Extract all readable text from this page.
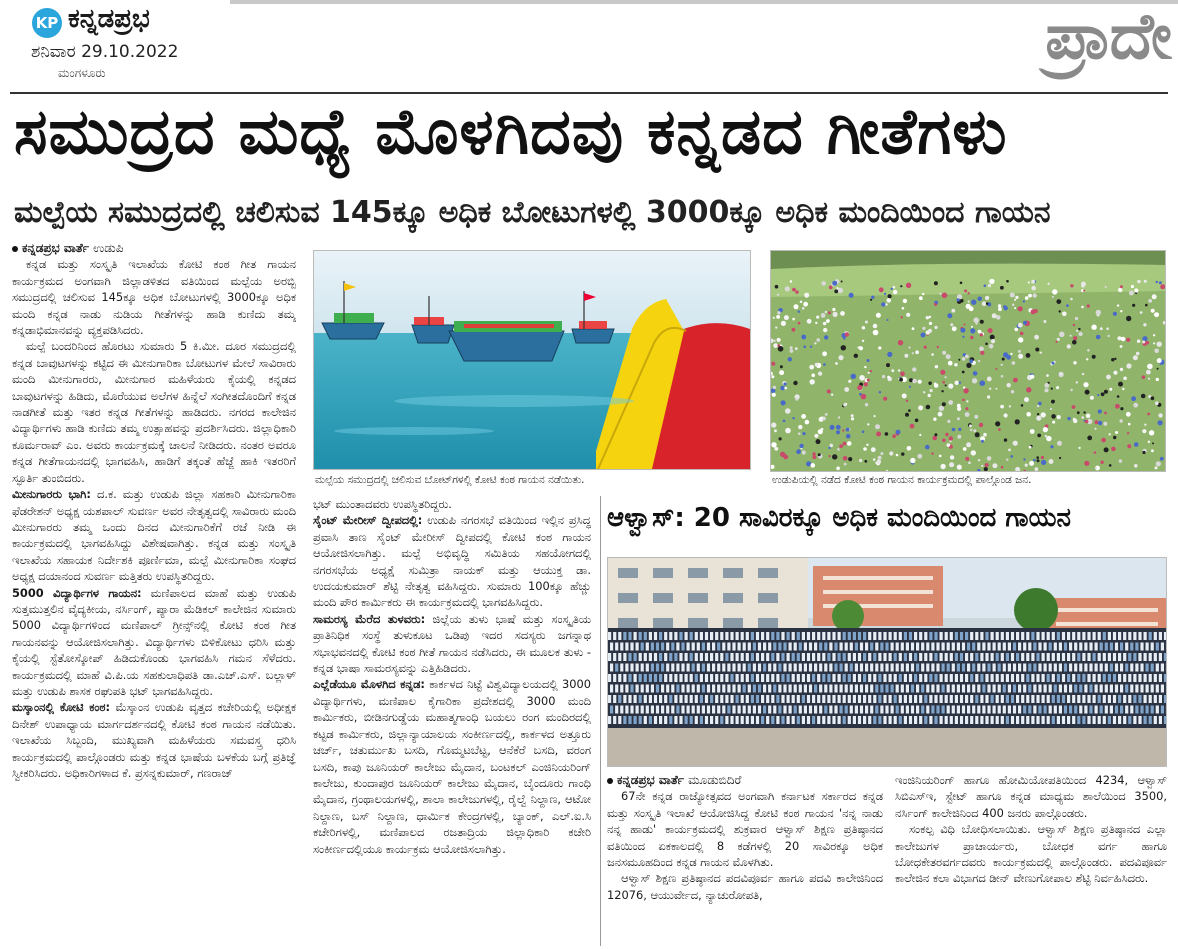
KP ಕನ್ನಡಪ್ರಭ
ಶನಿವಾರ 29.10.2022
ಮಂಗಳೂರು	ಪ್ರಾದೇ
ಸಮುದ್ರದ ಮಧ್ಯೆ ಮೊಳಗಿದವು ಕನ್ನಡದ ಗೀತೆಗಳು
ಮಲ್ಪೆಯ ಸಮುದ್ರದಲ್ಲಿ ಚಲಿಸುವ 145ಕ್ಕೂ ಅಧಿಕ ಬೋಟುಗಳಲ್ಲಿ 3000ಕ್ಕೂ ಅಧಿಕ ಮಂದಿಯಿಂದ ಗಾಯನ
ಕನ್ನಡಪ್ರಭ ವಾರ್ತೆ ಉಡುಪಿ

ಕನ್ನಡ ಮತ್ತು ಸಂಸ್ಕೃತಿ ಇಲಾಖೆಯ ಕೋಟಿ ಕಂಠ ಗೀತ ಗಾಯನ ಕಾರ್ಯಕ್ರಮದ ಅಂಗವಾಗಿ ಜಿಲ್ಲಾಡಳಿತದ ವತಿಯಿಂದ ಮಲ್ಪೆಯ ಅರಬ್ಬಿ ಸಮುದ್ರದಲ್ಲಿ ಚಲಿಸುವ 145ಕ್ಕೂ ಅಧಿಕ ಬೋಟುಗಳಲ್ಲಿ 3000ಕ್ಕೂ ಅಧಿಕ ಮಂದಿ ಕನ್ನಡ ನಾಡು ನುಡಿಯ ಗೀತೆಗಳನ್ನು ಹಾಡಿ ಕುಣಿದು ತಮ್ಮ ಕನ್ನಡಾಭಿಮಾನವನ್ನು ವ್ಯಕ್ತಪಡಿಸಿದರು.

ಮಲ್ಪೆ ಬಂದರಿನಿಂದ ಹೊರಟು ಸುಮಾರು 5 ಕಿ.ಮೀ. ದೂರ ಸಮುದ್ರದಲ್ಲಿ ಕನ್ನಡ ಬಾವುಟಗಳನ್ನು ಕಟ್ಟಿದ ಈ ಮೀನುಗಾರಿಕಾ ಬೋಟುಗಳ ಮೇಲೆ ಸಾವಿರಾರು ಮಂದಿ ಮೀನುಗಾರರು, ಮೀನುಗಾರ ಮಹಿಳೆಯರು ಕೈಯಲ್ಲಿ ಕನ್ನಡದ ಬಾವುಟಗಳನ್ನು ಹಿಡಿದು, ಮೊರೆಯುವ ಅಲೆಗಳ ಹಿನ್ನೆಲೆ ಸಂಗೀತದೊಂದಿಗೆ ಕನ್ನಡ ನಾಡಗೀತೆ ಮತ್ತು ಇತರ ಕನ್ನಡ ಗೀತೆಗಳನ್ನು ಹಾಡಿದರು. ನಗರದ ಕಾಲೇಜಿನ ವಿದ್ಯಾರ್ಥಿಗಳು ಹಾಡಿ ಕುಣಿದು ತಮ್ಮ ಉತ್ಸಾಹವನ್ನು ಪ್ರದರ್ಶಿಸಿದರು. ಜಿಲ್ಲಾಧಿಕಾರಿ ಕೂರ್ಮರಾವ್ ಎಂ. ಅವರು ಕಾರ್ಯಕ್ರಮಕ್ಕೆ ಚಾಲನೆ ನೀಡಿದರು. ನಂತರ ಅವರೂ ಕನ್ನಡ ಗೀತೆಗಾಯನದಲ್ಲಿ ಭಾಗವಹಿಸಿ, ಹಾಡಿಗೆ ತಕ್ಕಂತೆ ಹೆಜ್ಜೆ ಹಾಕಿ ಇತರರಿಗೆ ಸ್ಫೂರ್ತಿ ತುಂಬಿದರು.

ಮೀನುಗಾರರು ಭಾಗಿ: ದ.ಕ. ಮತ್ತು ಉಡುಪಿ ಜಿಲ್ಲಾ ಸಹಕಾರಿ ಮೀನುಗಾರಿಕಾ ಫೆಡರೇಶನ್ ಅಧ್ಯಕ್ಷ ಯಶಪಾಲ್ ಸುವರ್ಣ ಅವರ ನೇತೃತ್ವದಲ್ಲಿ ಸಾವಿರಾರು ಮಂದಿ ಮೀನುಗಾರರು ತಮ್ಮ ಒಂದು ದಿನದ ಮೀನುಗಾರಿಕೆಗೆ ರಜೆ ನೀಡಿ ಈ ಕಾರ್ಯಕ್ರಮದಲ್ಲಿ ಭಾಗವಹಿಸಿದ್ದು ವಿಶೇಷವಾಗಿತ್ತು. ಕನ್ನಡ ಮತ್ತು ಸಂಸ್ಕೃತಿ ಇಲಾಖೆಯ ಸಹಾಯಕ ನಿರ್ದೇಶಕಿ ಪೂರ್ಣಿಮಾ, ಮಲ್ಪೆ ಮೀನುಗಾರಿಕಾ ಸಂಘದ ಅಧ್ಯಕ್ಷ ದಯಾನಂದ ಸುವರ್ಣ ಮತ್ತಿತರು ಉಪಸ್ಥಿತರಿದ್ದರು.

5000 ವಿದ್ಯಾರ್ಥಿಗಳ ಗಾಯನ: ಮಣಿಪಾಲದ ಮಾಹೆ ಮತ್ತು ಉಡುಪಿ ಸುತ್ತಮುತ್ತಲಿನ ವೈದ್ಯಕೀಯ, ನರ್ಸಿಂಗ್, ಪ್ಯಾರಾ ಮೆಡಿಕಲ್ ಕಾಲೇಜಿನ ಸುಮಾರು 5000 ವಿದ್ಯಾರ್ಥಿಗಳಿಂದ ಮಣಿಪಾಲ್ ಗ್ರೀನ್ಸ್‌ನಲ್ಲಿ ಕೋಟಿ ಕಂಠ ಗೀತ ಗಾಯನವನ್ನು ಆಯೋಜಿಸಲಾಗಿತ್ತು. ವಿದ್ಯಾರ್ಥಿಗಳು ಬಿಳಿಕೋಟು ಧರಿಸಿ ಮತ್ತು ಕೈಯಲ್ಲಿ ಸ್ಟೆತೋಸ್ಕೋಪ್ ಹಿಡಿದುಕೊಂಡು ಭಾಗವಹಿಸಿ ಗಮನ ಸೆಳೆದರು. ಕಾರ್ಯಕ್ರಮದಲ್ಲಿ ಮಾಹೆ ವಿ.ಪಿ.ಯ ಸಹಕುಲಾಧಿಪತಿ ಡಾ.ಎಚ್.ಎಸ್. ಬಲ್ಲಾಳ್ ಮತ್ತು ಉಡುಪಿ ಶಾಸಕ ರಘುಪತಿ ಭಟ್ ಭಾಗವಹಿಸಿದ್ದರು.

ಮಸ್ಕಾಂನಲ್ಲಿ ಕೋಟಿ ಕಂಠ: ಮೆಸ್ಕಾಂನ ಉಡುಪಿ ವೃತ್ತದ ಕಚೇರಿಯಲ್ಲಿ ಅಧೀಕ್ಷಕ ದಿನೇಶ್ ಉಪಾಧ್ಯಾಯ ಮಾರ್ಗದರ್ಶನದಲ್ಲಿ ಕೋಟಿ ಕಂಠ ಗಾಯನ ನಡೆಯಿತು. ಇಲಾಖೆಯ ಸಿಬ್ಬಂದಿ, ಮುಖ್ಯವಾಗಿ ಮಹಿಳೆಯರು ಸಮವಸ್ತ್ರ ಧರಿಸಿ ಕಾರ್ಯಕ್ರಮದಲ್ಲಿ ಪಾಲ್ಗೊಂಡರು ಮತ್ತು ಕನ್ನಡ ಭಾಷೆಯ ಬಳಕೆಯ ಬಗ್ಗೆ ಪ್ರತಿಜ್ಞೆ ಸ್ವೀಕರಿಸಿದರು. ಅಧಿಕಾರಿಗಳಾದ ಕೆ. ಪ್ರಸನ್ನಕುಮಾರ್, ಗಣರಾಜ್

ಮಲ್ಪೆಯ ಸಮುದ್ರದಲ್ಲಿ ಚಲಿಸುವ ಬೋಟ್‌ಗಳಲ್ಲಿ ಕೋಟಿ ಕಂಠ ಗಾಯನ ನಡೆಯಿತು.	ಉಡುಪಿಯಲ್ಲಿ ನಡೆದ ಕೋಟಿ ಕಂಠ ಗಾಯನ ಕಾರ್ಯಕ್ರಮದಲ್ಲಿ ಪಾಲ್ಗೊಂಡ ಜನ.

ಭಟ್ ಮುಂತಾದವರು ಉಪಸ್ಥಿತರಿದ್ದರು.

ಸೈಂಟ್ ಮೇರೀಸ್ ದ್ವೀಪದಲ್ಲಿ: ಉಡುಪಿ ನಗರಸಭೆ ವತಿಯಿಂದ ಇಲ್ಲಿನ ಪ್ರಸಿದ್ಧ ಪ್ರವಾಸಿ ತಾಣ ಸೈಂಟ್ ಮೇರೀಸ್ ದ್ವೀಪದಲ್ಲಿ ಕೋಟಿ ಕಂಠ ಗಾಯನ ಆಯೋಜಿಸಲಾಗಿತ್ತು. ಮಲ್ಪೆ ಅಭಿವೃದ್ಧಿ ಸಮಿತಿಯ ಸಹಯೋಗದಲ್ಲಿ ನಗರಸಭೆಯ ಅಧ್ಯಕ್ಷೆ ಸುಮಿತ್ರಾ ನಾಯಕ್ ಮತ್ತು ಆಯುಕ್ತ ಡಾ. ಉದಯಕುಮಾರ್ ಶೆಟ್ಟಿ ನೇತೃತ್ವ ವಹಿಸಿದ್ದರು. ಸುಮಾರು 100ಕ್ಕೂ ಹೆಚ್ಚು ಮಂದಿ ಪೌರ ಕಾರ್ಮಿಕರು ಈ ಕಾರ್ಯಕ್ರಮದಲ್ಲಿ ಭಾಗವಹಿಸಿದ್ದರು.

ಸಾಮರಸ್ಯ ಮೆರೆದ ತುಳವರು: ಜಿಲ್ಲೆಯ ತುಳು ಭಾಷೆ ಮತ್ತು ಸಂಸ್ಕೃತಿಯ ಪ್ರಾತಿನಿಧಿಕ ಸಂಸ್ಥೆ ತುಳುಕೂಟ ಒಡಿಪು ಇದರ ಸದಸ್ಯರು ಜಗನ್ನಾಥ ಸಭಾಭವನದಲ್ಲಿ ಕೋಟಿ ಕಂಠ ಗೀತೆ ಗಾಯನ ನಡೆಸಿದರು, ಈ ಮೂಲಕ ತುಳು - ಕನ್ನಡ ಭಾಷಾ ಸಾಮರಸ್ಯವನ್ನು ಎತ್ತಿಹಿಡಿದರು.

ಎಲ್ಲೆಡೆಯೂ ಮೊಳಗಿದ ಕನ್ನಡ: ಕಾರ್ಕಳದ ನಿಟ್ಟೆ ವಿಶ್ವವಿದ್ಯಾಲಯದಲ್ಲಿ 3000 ವಿದ್ಯಾರ್ಥಿಗಳು, ಮಣಿಪಾಲ ಕೈಗಾರಿಕಾ ಪ್ರದೇಶದಲ್ಲಿ 3000 ಮಂದಿ ಕಾರ್ಮಿಕರು, ಬೀಡಿನಗುಡ್ಡೆಯ ಮಹಾತ್ಮಗಾಂಧಿ ಬಯಲು ರಂಗ ಮಂದಿರದಲ್ಲಿ ಕಟ್ಟಡ ಕಾರ್ಮಿಕರು, ಜಿಲ್ಲಾನ್ಯಾಯಾಲಯ ಸಂಕೀರ್ಣದಲ್ಲಿ, ಕಾರ್ಕಳದ ಅತ್ತೂರು ಚರ್ಚ್, ಚತುರ್ಮುಖ ಬಸದಿ, ಗೊಮ್ಮಟಬೆಟ್ಟ, ಆನೆಕೆರೆ ಬಸದಿ, ವರಂಗ ಬಸದಿ, ಕಾಪು ಜೂನಿಯರ್ ಕಾಲೇಜು ಮೈದಾನ, ಬಂಟಕಲ್ ಎಂಜಿನಿಯರಿಂಗ್ ಕಾಲೇಜು, ಕುಂದಾಪುರ ಜೂನಿಯರ್ ಕಾಲೇಜು ಮೈದಾನ, ಬೈಂದೂರು ಗಾಂಧಿ ಮೈದಾನ, ಗ್ರಂಥಾಲಯಗಳಲ್ಲಿ, ಶಾಲಾ ಕಾಲೇಜುಗಳಲ್ಲಿ, ರೈಲ್ವೆ ನಿಲ್ದಾಣ, ಆಟೋ ನಿಲ್ದಾಣ, ಬಸ್ ನಿಲ್ದಾಣ, ಧಾರ್ಮಿಕ ಕೇಂದ್ರಗಳಲ್ಲಿ, ಬ್ಯಾಂಕ್, ಎಲ್.ಐ.ಸಿ ಕಚೇರಿಗಳಲ್ಲಿ, ಮಣಿಪಾಲದ ರಜತಾದ್ರಿಯ ಜಿಲ್ಲಾಧಿಕಾರಿ ಕಚೇರಿ ಸಂಕೀರ್ಣದಲ್ಲಿಯೂ ಕಾರ್ಯಕ್ರಮ ಆಯೋಜಿಸಲಾಗಿತ್ತು.

ಆಳ್ವಾಸ್: 20 ಸಾವಿರಕ್ಕೂ ಅಧಿಕ ಮಂದಿಯಿಂದ ಗಾಯನ
ಕನ್ನಡಪ್ರಭ ವಾರ್ತೆ ಮೂಡುಬಿದಿರೆ

67ನೇ ಕನ್ನಡ ರಾಜ್ಯೋತ್ಸವದ ಅಂಗವಾಗಿ ಕರ್ನಾಟಕ ಸರ್ಕಾರದ ಕನ್ನಡ ಮತ್ತು ಸಂಸ್ಕೃತಿ ಇಲಾಖೆ ಆಯೋಜಿಸಿದ್ದ ಕೋಟಿ ಕಂಠ ಗಾಯನ 'ನನ್ನ ನಾಡು ನನ್ನ ಹಾಡು' ಕಾರ್ಯಕ್ರಮದಲ್ಲಿ ಶುಕ್ರವಾರ ಆಳ್ವಾಸ್ ಶಿಕ್ಷಣ ಪ್ರತಿಷ್ಠಾನದ ವತಿಯಿಂದ ಏಕಕಾಲದಲ್ಲಿ 8 ಕಡೆಗಳಲ್ಲಿ 20 ಸಾವಿರಕ್ಕೂ ಅಧಿಕ ಜನಸಮೂಹದಿಂದ ಕನ್ನಡ ಗಾಯನ ಮೊಳಗಿತು.

ಆಳ್ವಾಸ್ ಶಿಕ್ಷಣ ಪ್ರತಿಷ್ಠಾನದ ಪದವಿಪೂರ್ವ ಹಾಗೂ ಪದವಿ ಕಾಲೇಜಿನಿಂದ 12076, ಆಯುರ್ವೇದ, ನ್ಯಾಚುರೋಪತಿ,

ಇಂಜಿನಿಯರಿಂಗ್ ಹಾಗೂ ಹೋಮಿಯೋಪತಿಯಿಂದ 4234, ಆಳ್ವಾಸ್ ಸಿಬಿಎಸ್‌ಇ, ಸ್ಟೇಟ್ ಹಾಗೂ ಕನ್ನಡ ಮಾಧ್ಯಮ ಶಾಲೆಯಿಂದ 3500, ನರ್ಸಿಂಗ್ ಕಾಲೇಜಿನಿಂದ 400 ಜನರು ಪಾಲ್ಗೊಂಡರು.

ಸಂಕಲ್ಪ ವಿಧಿ ಬೋಧಿಸಲಾಯಿತು. ಆಳ್ವಾಸ್ ಶಿಕ್ಷಣ ಪ್ರತಿಷ್ಠಾನದ ಎಲ್ಲಾ ಕಾಲೇಜುಗಳ ಪ್ರಾಚಾರ್ಯರು, ಬೋಧಕ ವರ್ಗ ಹಾಗೂ ಬೋಧಕೇತರವರ್ಗದವರು ಕಾರ್ಯಕ್ರಮದಲ್ಲಿ ಪಾಲ್ಗೊಂಡರು. ಪದವಿಪೂರ್ವ ಕಾಲೇಜಿನ ಕಲಾ ವಿಭಾಗದ ಡೀನ್ ವೇಣುಗೋಪಾಲ ಶೆಟ್ಟಿ ನಿರ್ವಹಿಸಿದರು.
